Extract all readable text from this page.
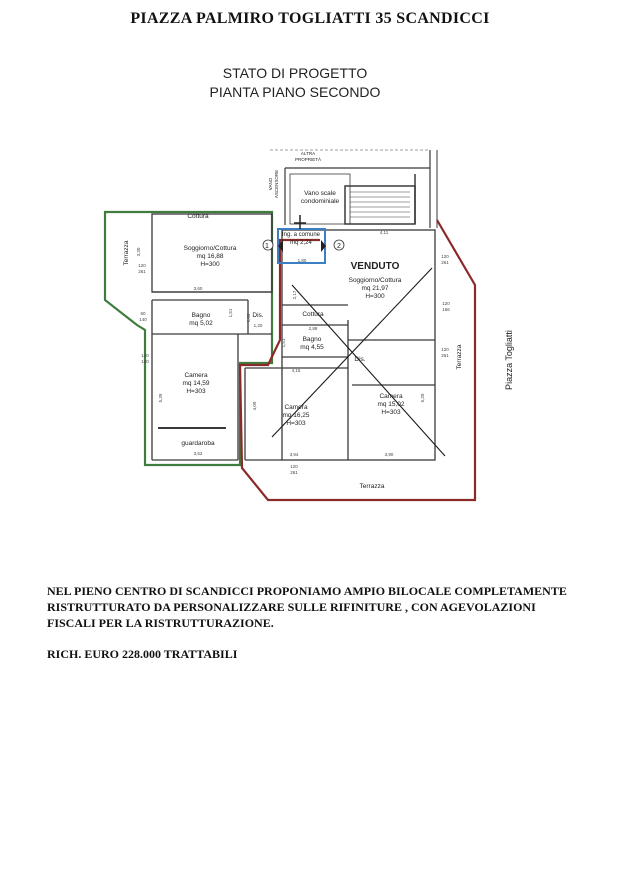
PIAZZA PALMIRO TOGLIATTI 35 SCANDICCI
STATO DI PROGETTO
PIANTA PIANO SECONDO
ALTRA
PROPRIETÀ
VANO ASCENSORE	Vano scale
condominiale
1	2
Ing. a comune
mq 2,24
Cottura
Soggiorno/Cottura
mq 16,88
H=300
Bagno
mq 5,02
Dis.
Camera
mq 14,59
H=303
guardaroba
Terrazza
VENDUTO
Soggiorno/Cottura
mq 21,97
H=300
Cottura
Bagno
mq 4,55
Dis.
Camera
mq 16,25
H=303
Camera
mq 15,02
H=303
Terrazza
Terrazza	Piazza Togliatti
3,30
120
261
3,60
1,51
1,08
1,20
60
140
120
160
5,39
3,52
1,80
4,11
2,17
2,88
1,51
4,15
4,09
3,94	3,90
5,20
120
261
120
166
120
261
120
261
NEL PIENO CENTRO DI SCANDICCI PROPONIAMO AMPIO BILOCALE COMPLETAMENTE RISTRUTTURATO DA PERSONALIZZARE SULLE RIFINITURE , CON AGEVOLAZIONI FISCALI PER LA RISTRUTTURAZIONE.
RICH. EURO 228.000 TRATTABILI
